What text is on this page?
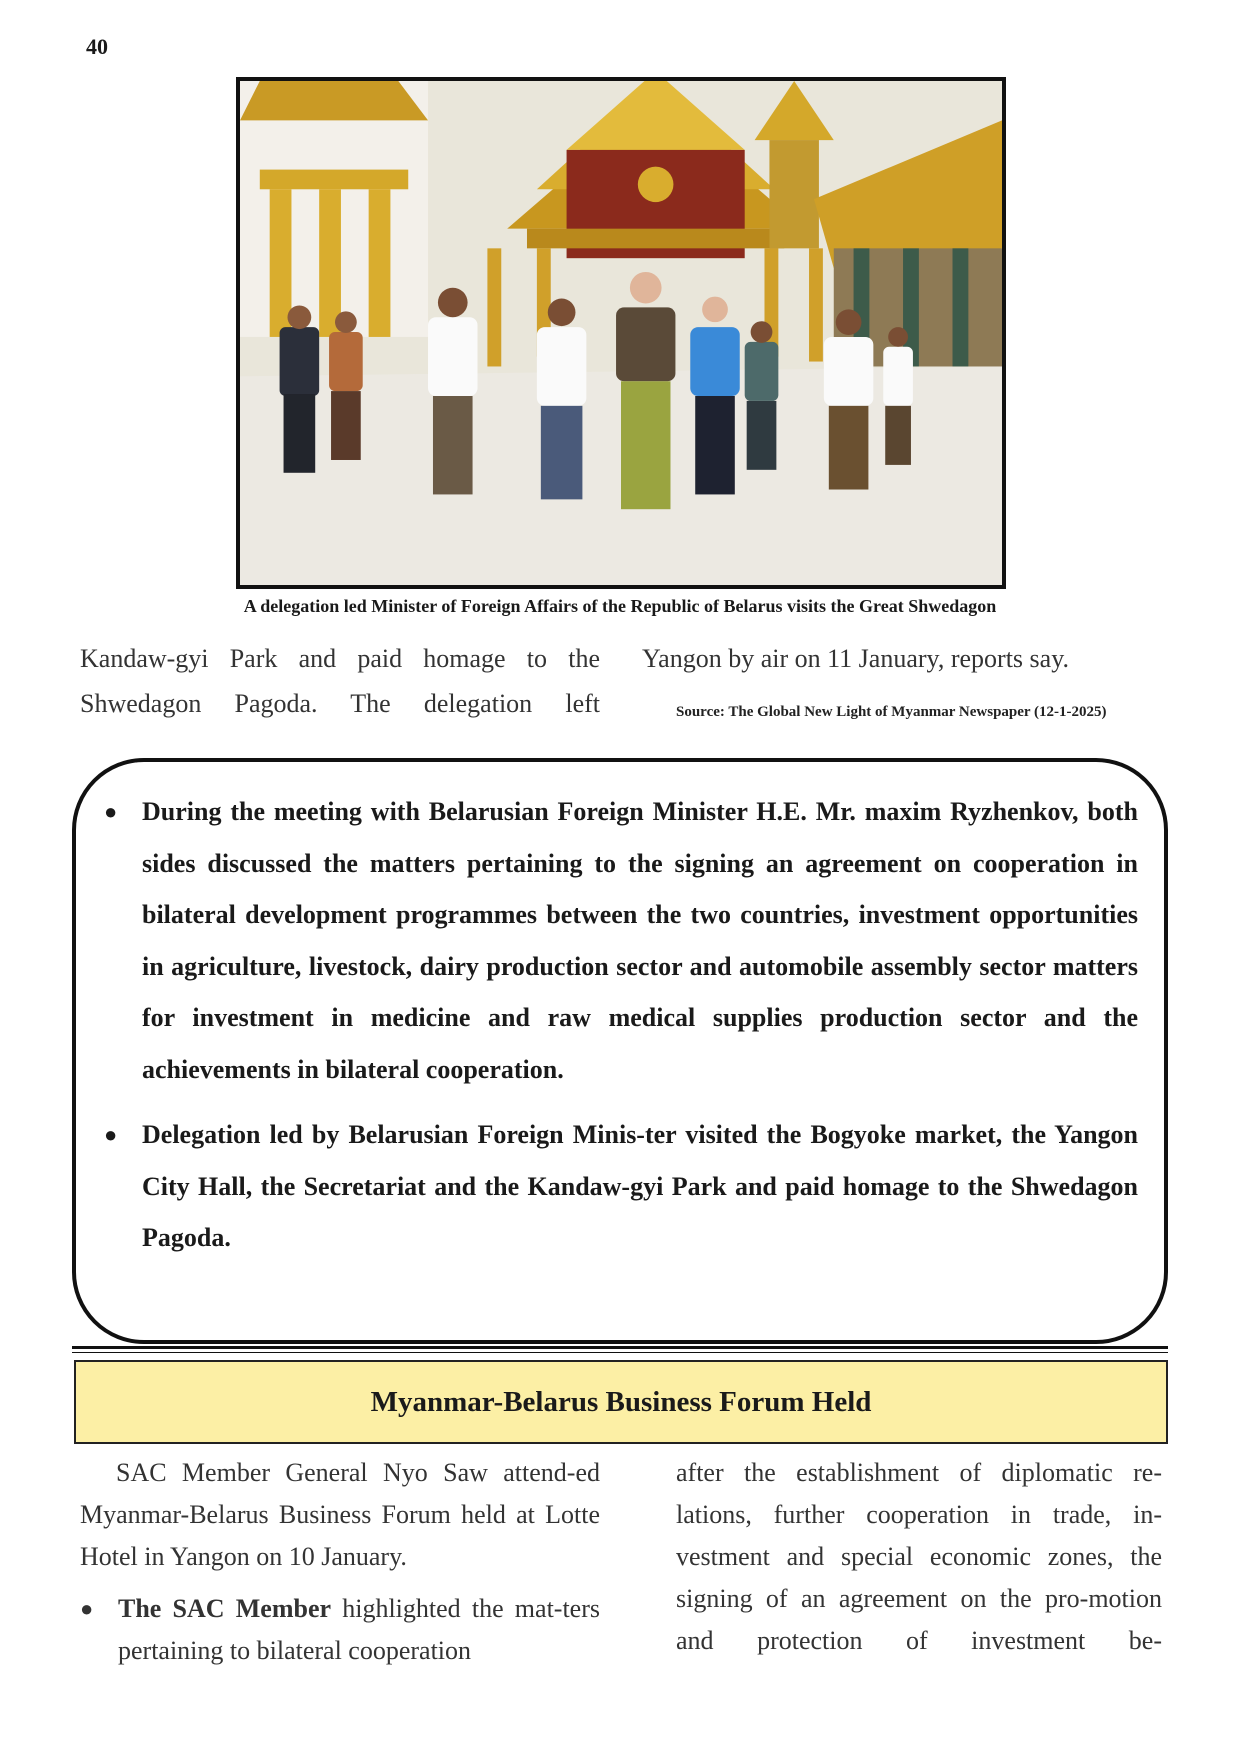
40
A delegation led Minister of Foreign Affairs of the Republic of Belarus visits the Great Shwedagon
Kandaw-gyi Park and paid homage to the
Shwedagon Pagoda. The delegation left
Yangon by air on 11 January, reports say.
Source: The Global New Light of Myanmar Newspaper (12-1-2025)
● During the meeting with Belarusian Foreign Minister H.E. Mr. maxim Ryzhenkov, both sides discussed the matters pertaining to the signing an agreement on cooperation in bilateral development programmes between the two countries, investment opportunities in agriculture, livestock, dairy production sector and automobile assembly sector matters for investment in medicine and raw medical supplies production sector and the achievements in bilateral cooperation.
● Delegation led by Belarusian Foreign Minis-ter visited the Bogyoke market, the Yangon City Hall, the Secretariat and the Kandaw-gyi Park and paid homage to the Shwedagon Pagoda.
Myanmar-Belarus Business Forum Held

SAC Member General Nyo Saw attend-ed Myanmar-Belarus Business Forum held at Lotte Hotel in Yangon on 10 January.

● The SAC Member highlighted the mat-ters pertaining to bilateral cooperation
after the establishment of diplomatic re-lations, further cooperation in trade, in-vestment and special economic zones, the signing of an agreement on the pro-motion and protection of investment be-
